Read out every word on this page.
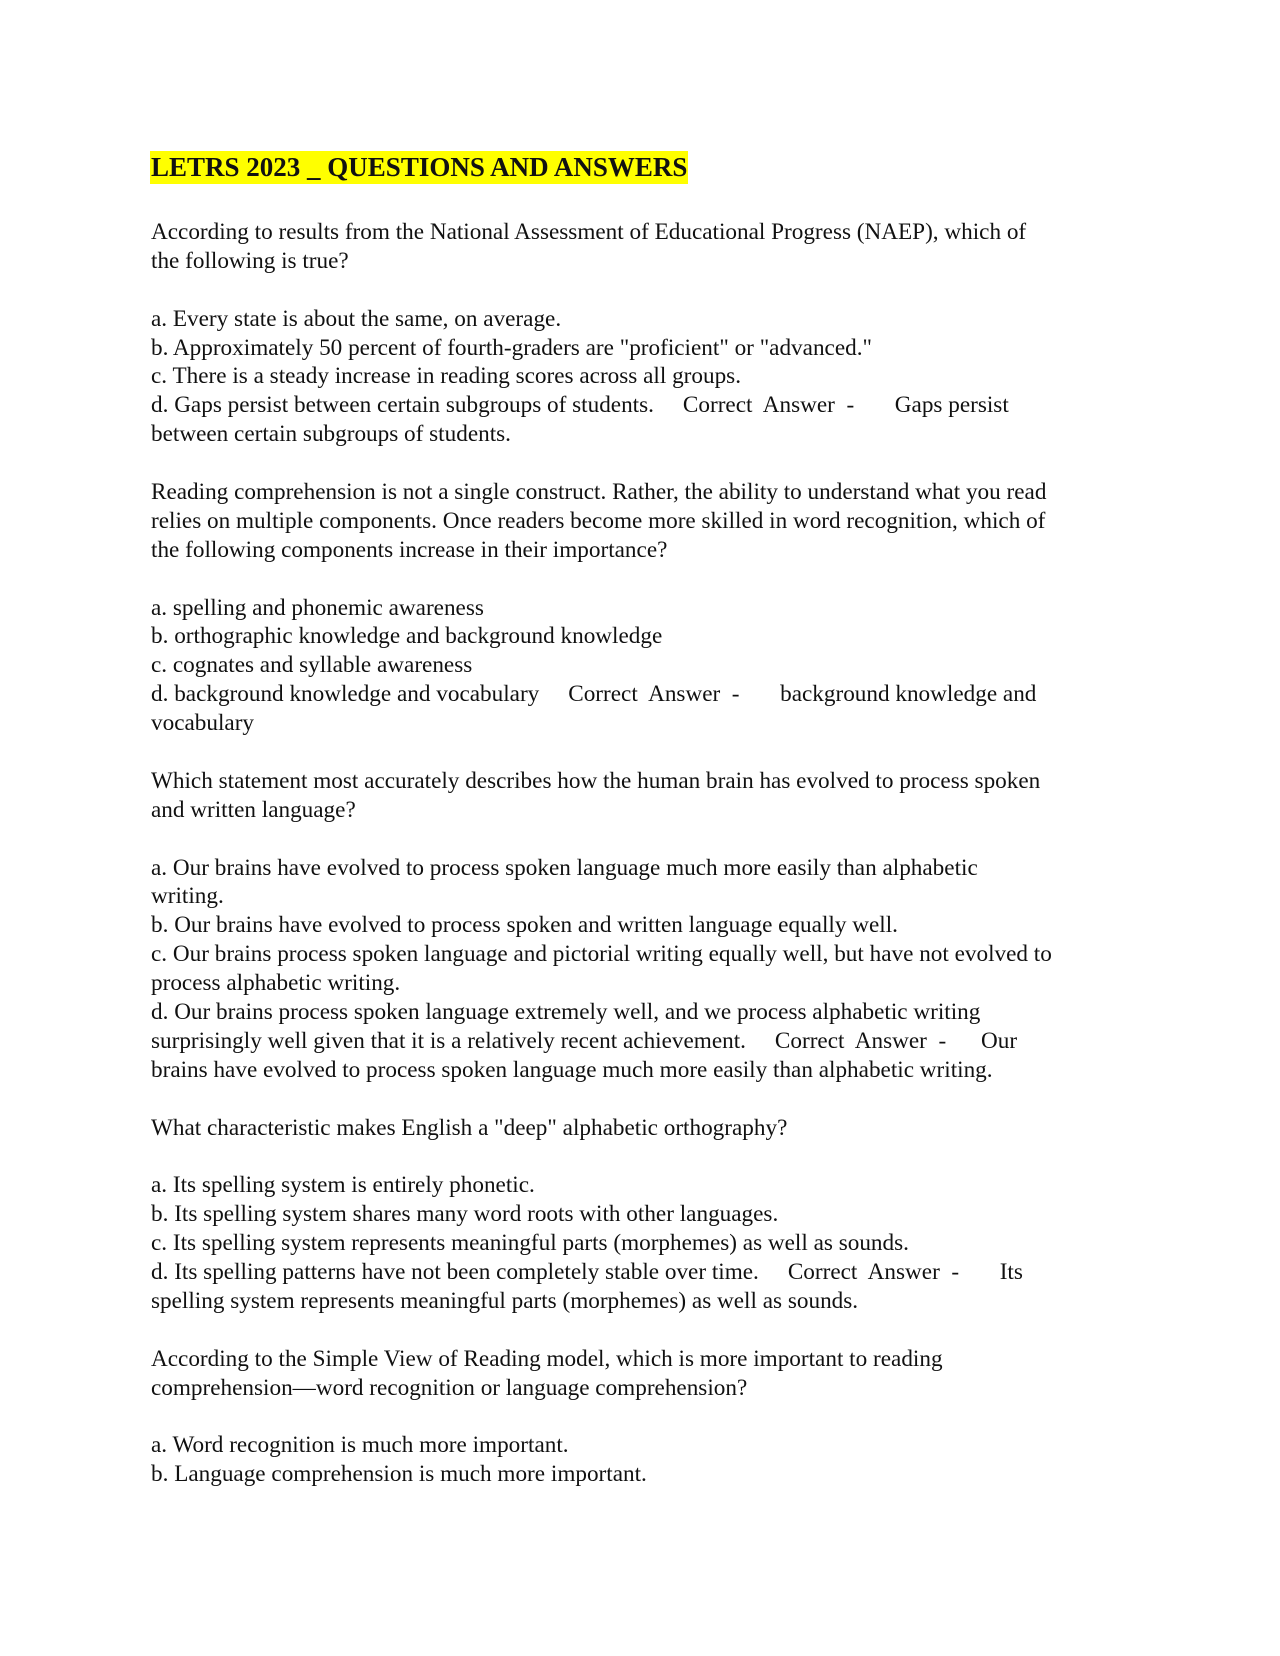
LETRS 2023 _ QUESTIONS AND ANSWERS
According to results from the National Assessment of Educational Progress (NAEP), which of
the following is true?
a. Every state is about the same, on average.
b. Approximately 50 percent of fourth-graders are "proficient" or "advanced."
c. There is a steady increase in reading scores across all groups.
d. Gaps persist between certain subgroups of students.     Correct  Answer  -       Gaps persist
between certain subgroups of students.
Reading comprehension is not a single construct. Rather, the ability to understand what you read
relies on multiple components. Once readers become more skilled in word recognition, which of
the following components increase in their importance?
a. spelling and phonemic awareness
b. orthographic knowledge and background knowledge
c. cognates and syllable awareness
d. background knowledge and vocabulary     Correct  Answer  -       background knowledge and
vocabulary
Which statement most accurately describes how the human brain has evolved to process spoken
and written language?
a. Our brains have evolved to process spoken language much more easily than alphabetic
writing.
b. Our brains have evolved to process spoken and written language equally well.
c. Our brains process spoken language and pictorial writing equally well, but have not evolved to
process alphabetic writing.
d. Our brains process spoken language extremely well, and we process alphabetic writing
surprisingly well given that it is a relatively recent achievement.     Correct  Answer  -      Our
brains have evolved to process spoken language much more easily than alphabetic writing.
What characteristic makes English a "deep" alphabetic orthography?
a. Its spelling system is entirely phonetic.
b. Its spelling system shares many word roots with other languages.
c. Its spelling system represents meaningful parts (morphemes) as well as sounds.
d. Its spelling patterns have not been completely stable over time.     Correct  Answer  -       Its
spelling system represents meaningful parts (morphemes) as well as sounds.
According to the Simple View of Reading model, which is more important to reading
comprehension—word recognition or language comprehension?
a. Word recognition is much more important.
b. Language comprehension is much more important.
